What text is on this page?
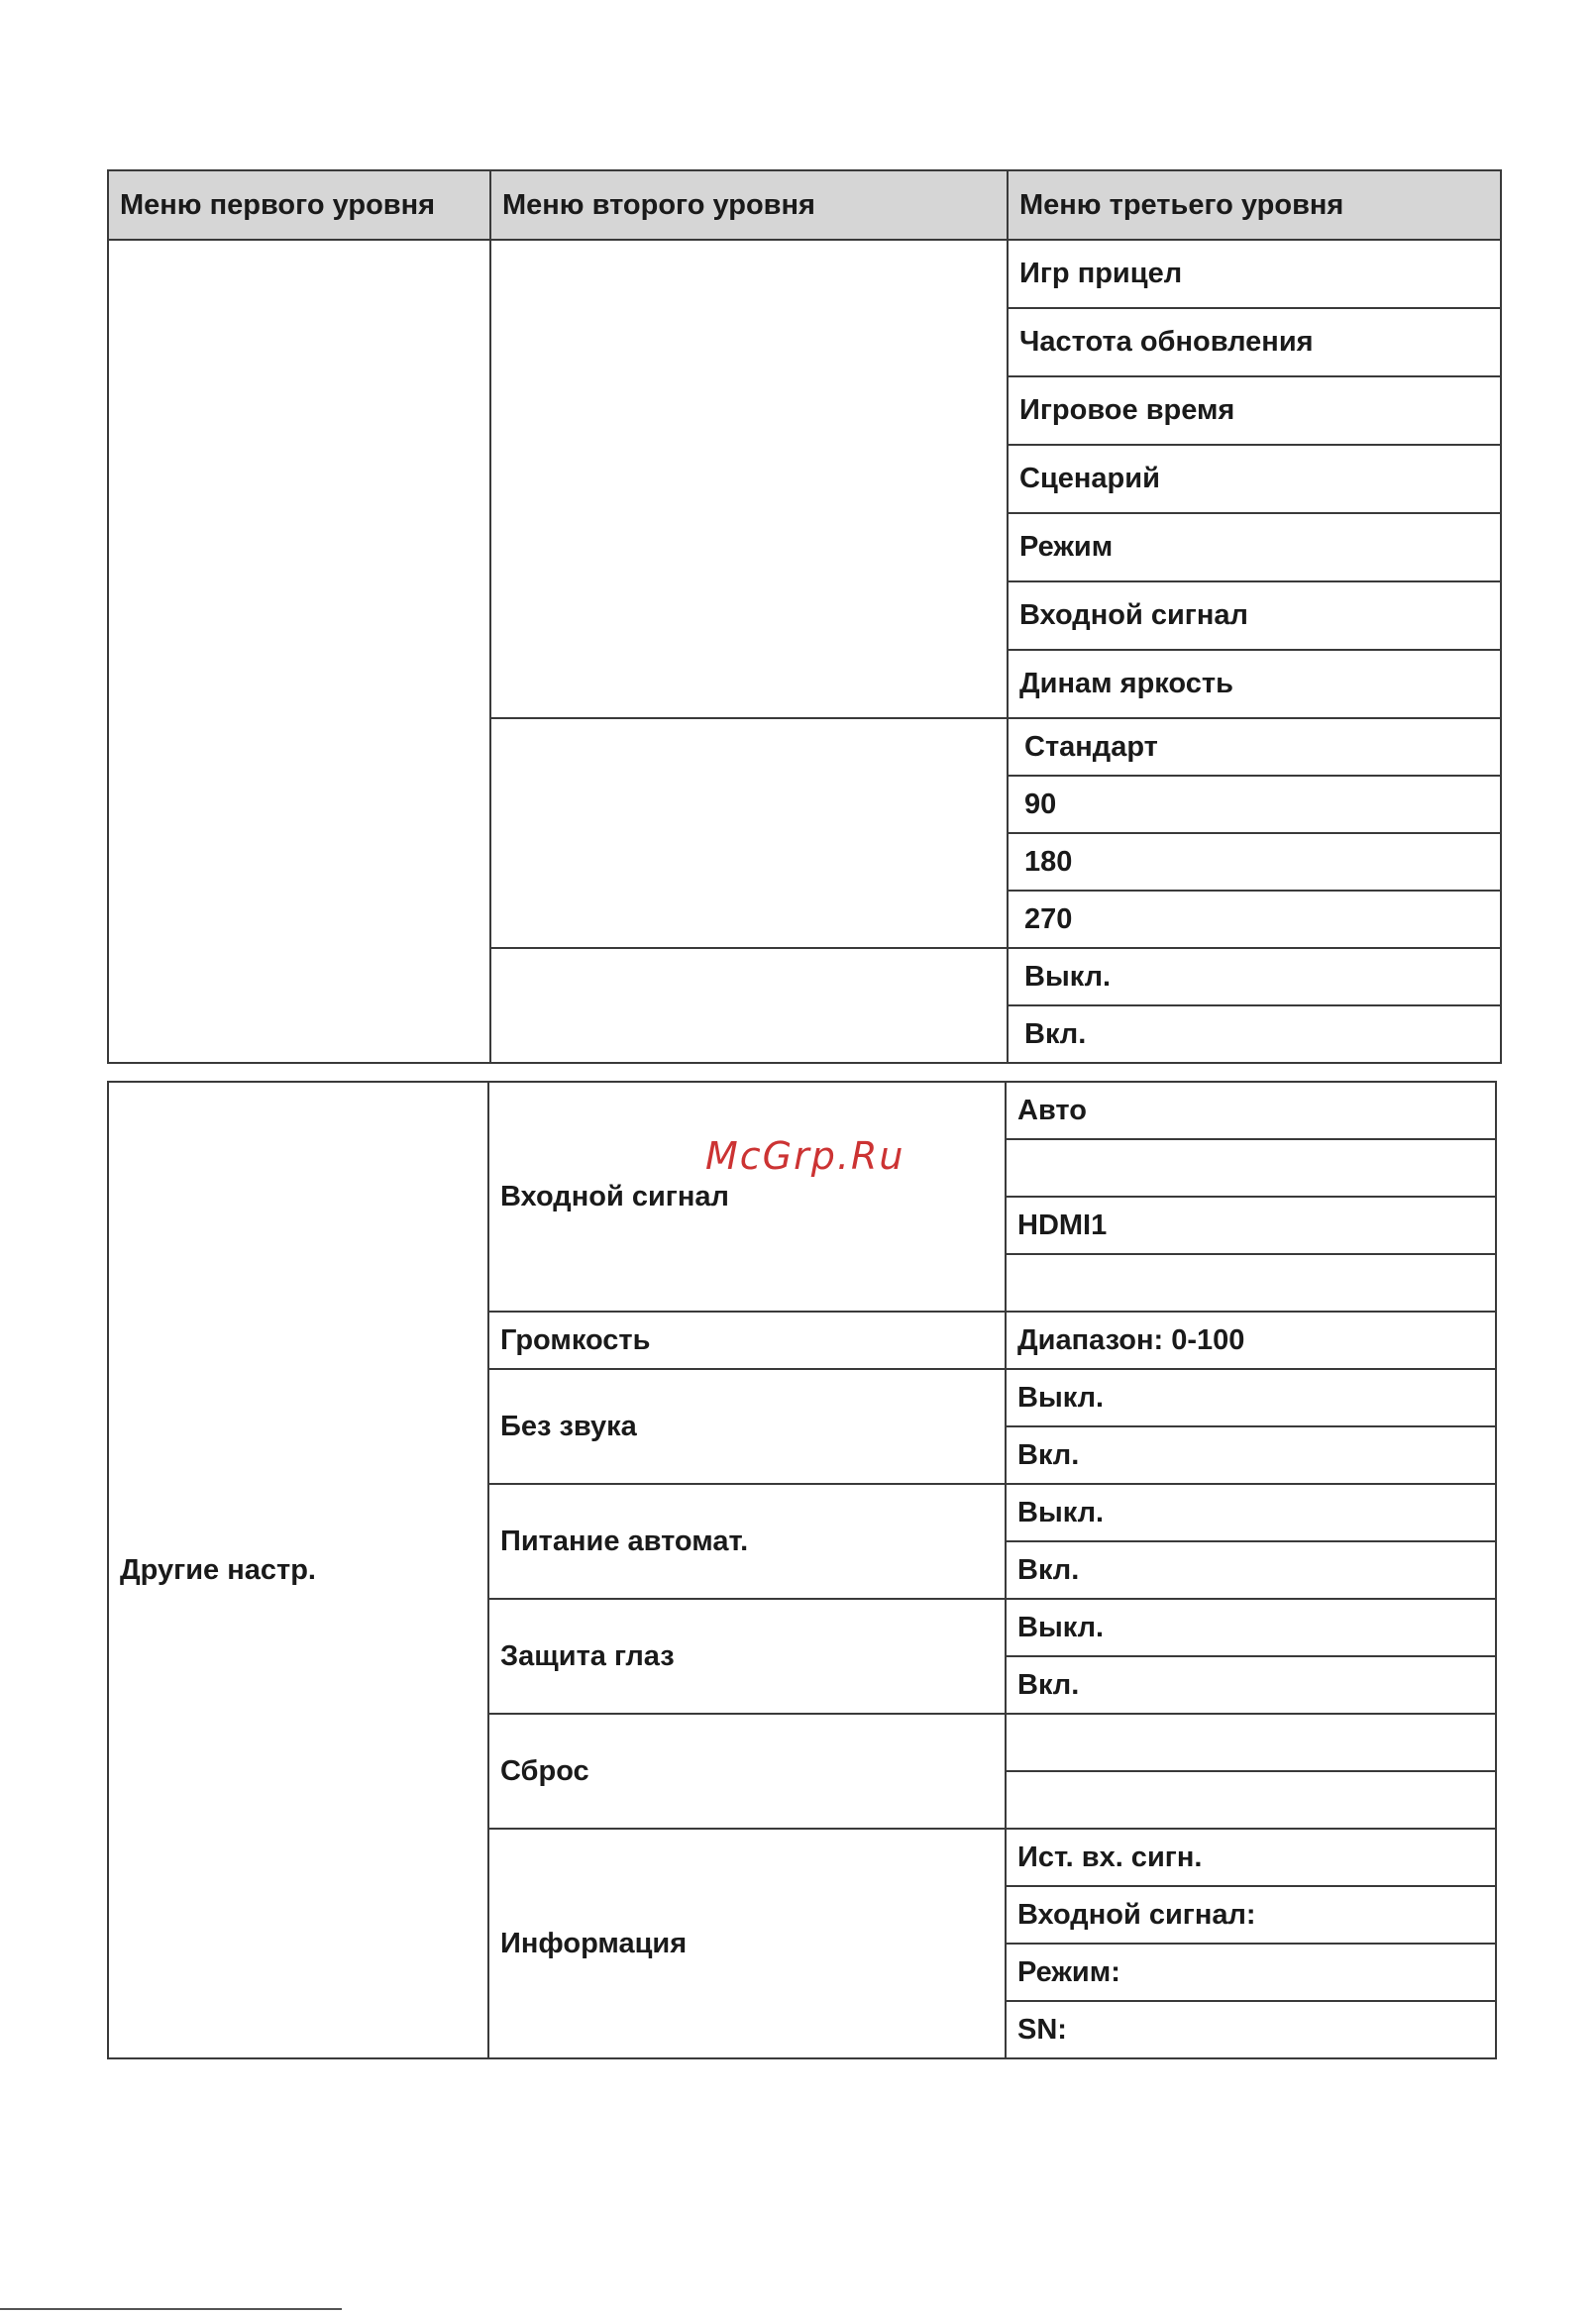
Меню первого уровня	Меню второго уровня	Меню третьего уровня
		Игр прицел
		Частота обновления
		Игровое время
		Сценарий
		Режим
		Входной сигнал
		Динам яркость
		Стандарт
		90
		180
		270
		Выкл.
		Вкл.
Другие настр.	Входной сигнал	Авто

		HDMI1

	Громкость	Диапазон: 0-100
	Без звука	Выкл.
		Вкл.
	Питание автомат.	Выкл.
		Вкл.
	Защита глаз	Выкл.
		Вкл.
	Сброс	

	Информация	Ист. вх. сигн.
		Входной сигнал:
		Режим:
		SN:
McGrp.Ru
